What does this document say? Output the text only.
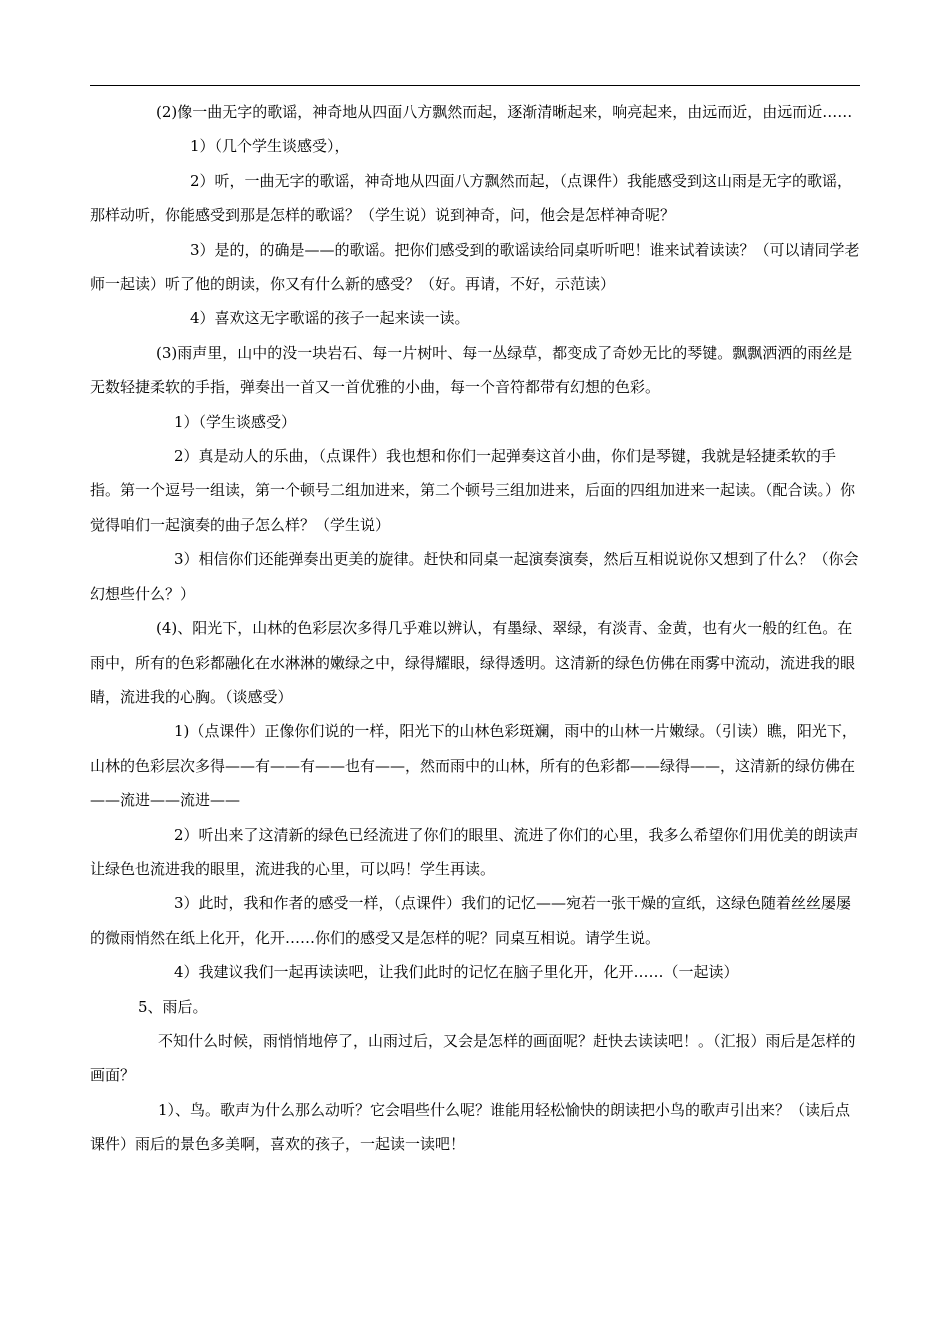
(2)像一曲无字的歌谣，神奇地从四面八方飘然而起，逐渐清晰起来，响亮起来，由远而近，由远而近……

1）（几个学生谈感受），

2）听，一曲无字的歌谣，神奇地从四面八方飘然而起，（点课件）我能感受到这山雨是无字的歌谣，那样动听，你能感受到那是怎样的歌谣？（学生说）说到神奇，问，他会是怎样神奇呢？

3）是的，的确是——的歌谣。把你们感受到的歌谣读给同桌听听吧！谁来试着读读？（可以请同学老师一起读）听了他的朗读，你又有什么新的感受？（好。再请，不好，示范读）

4）喜欢这无字歌谣的孩子一起来读一读。

(3)雨声里，山中的没一块岩石、每一片树叶、每一丛绿草，都变成了奇妙无比的琴键。飘飘洒洒的雨丝是无数轻捷柔软的手指，弹奏出一首又一首优雅的小曲，每一个音符都带有幻想的色彩。

1）（学生谈感受）

2）真是动人的乐曲，（点课件）我也想和你们一起弹奏这首小曲，你们是琴键，我就是轻捷柔软的手指。第一个逗号一组读，第一个顿号二组加进来，第二个顿号三组加进来，后面的四组加进来一起读。（配合读。）你觉得咱们一起演奏的曲子怎么样？（学生说）

3）相信你们还能弹奏出更美的旋律。赶快和同桌一起演奏演奏，然后互相说说你又想到了什么？（你会幻想些什么？）

(4)、阳光下，山林的色彩层次多得几乎难以辨认，有墨绿、翠绿，有淡青、金黄，也有火一般的红色。在雨中，所有的色彩都融化在水淋淋的嫩绿之中，绿得耀眼，绿得透明。这清新的绿色仿佛在雨雾中流动，流进我的眼睛，流进我的心胸。（谈感受）

1)（点课件）正像你们说的一样，阳光下的山林色彩斑斓，雨中的山林一片嫩绿。（引读）瞧，阳光下，山林的色彩层次多得——有——有——也有——，然而雨中的山林，所有的色彩都——绿得——，这清新的绿仿佛在——流进——流进——

2）听出来了这清新的绿色已经流进了你们的眼里、流进了你们的心里，我多么希望你们用优美的朗读声让绿色也流进我的眼里，流进我的心里，可以吗！学生再读。

3）此时，我和作者的感受一样，（点课件）我们的记忆——宛若一张干燥的宣纸，这绿色随着丝丝屡屡的微雨悄然在纸上化开，化开……你们的感受又是怎样的呢？同桌互相说。请学生说。

4）我建议我们一起再读读吧，让我们此时的记忆在脑子里化开，化开……（一起读）

5、雨后。

不知什么时候，雨悄悄地停了，山雨过后，又会是怎样的画面呢？赶快去读读吧！。（汇报）雨后是怎样的画面？

1）、鸟。歌声为什么那么动听？它会唱些什么呢？谁能用轻松愉快的朗读把小鸟的歌声引出来？（读后点课件）雨后的景色多美啊，喜欢的孩子，一起读一读吧！
